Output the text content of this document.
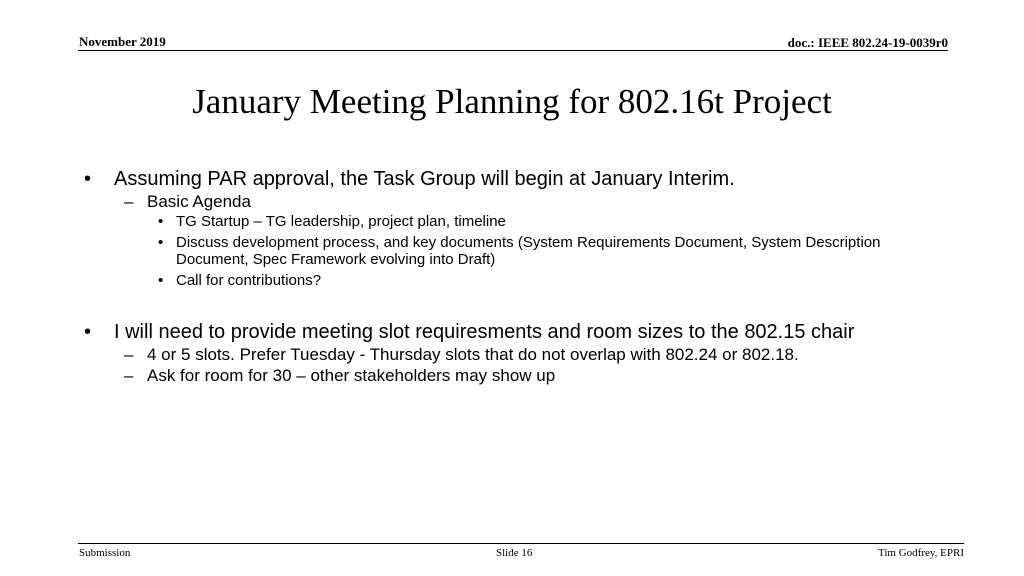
November 2019	doc.: IEEE 802.24-19-0039r0
January Meeting Planning for 802.16t Project
• Assuming PAR approval, the Task Group will begin at January Interim.
– Basic Agenda
• TG Startup – TG leadership, project plan, timeline
• Discuss development process, and key documents (System Requirements Document, System Description Document, Spec Framework evolving into Draft)
• Call for contributions?
• I will need to provide meeting slot requiresments and room sizes to the 802.15 chair
– 4 or 5 slots. Prefer Tuesday - Thursday slots that do not overlap with 802.24 or 802.18.
– Ask for room for 30 – other stakeholders may show up
Submission	Slide 16	Tim Godfrey, EPRI
